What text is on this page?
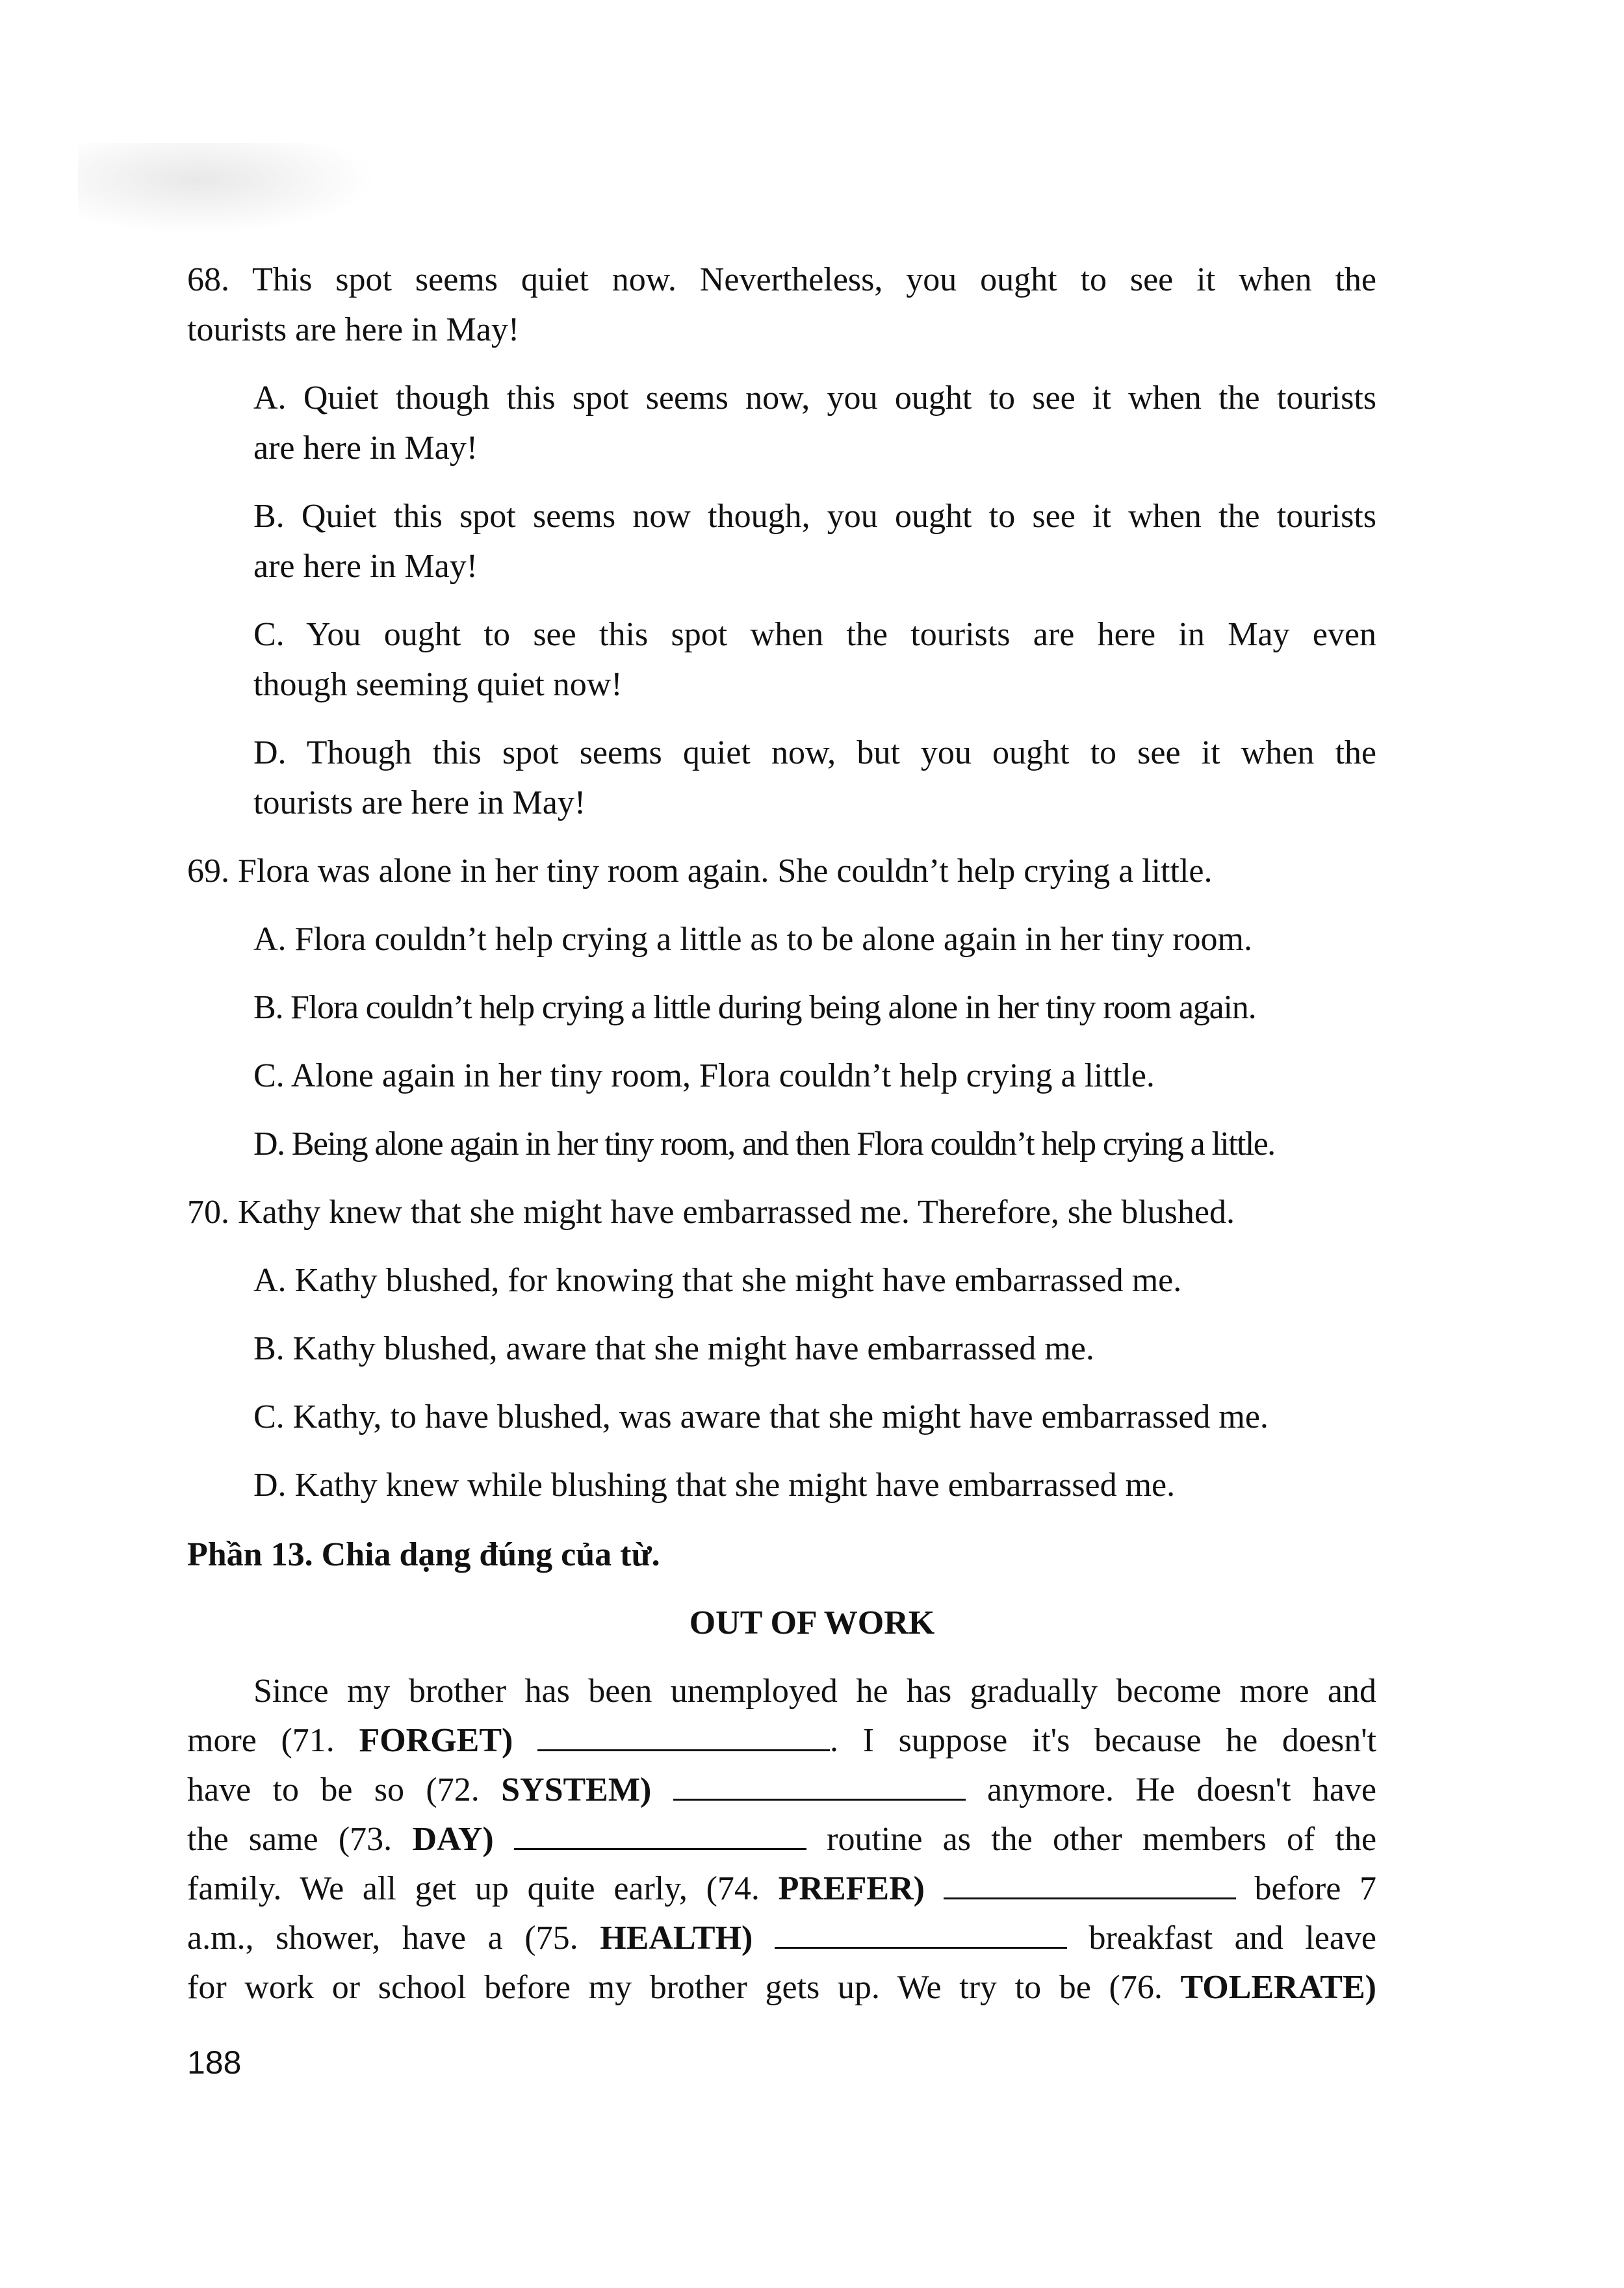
68. This spot seems quiet now. Nevertheless, you ought to see it when the

tourists are here in May!

A. Quiet though this spot seems now, you ought to see it when the tourists

are here in May!

B. Quiet this spot seems now though, you ought to see it when the tourists

are here in May!

C. You ought to see this spot when the tourists are here in May even

though seeming quiet now!

D. Though this spot seems quiet now, but you ought to see it when the

tourists are here in May!

69. Flora was alone in her tiny room again. She couldn’t help crying a little.

A. Flora couldn’t help crying a little as to be alone again in her tiny room.

B. Flora couldn’t help crying a little during being alone in her tiny room again.

C. Alone again in her tiny room, Flora couldn’t help crying a little.

D. Being alone again in her tiny room, and then Flora couldn’t help crying a little.

70. Kathy knew that she might have embarrassed me. Therefore, she blushed.

A. Kathy blushed, for knowing that she might have embarrassed me.

B. Kathy blushed, aware that she might have embarrassed me.

C. Kathy, to have blushed, was aware that she might have embarrassed me.

D. Kathy knew while blushing that she might have embarrassed me.

Phần 13. Chia dạng đúng của từ.

OUT OF WORK

Since my brother has been unemployed he has gradually become more and

more (71. FORGET)	. I suppose it's because he doesn't

have to be so (72. SYSTEM)	anymore. He doesn't have

the same (73. DAY)	routine as the other members of the

family. We all get up quite early, (74. PREFER)	before 7

a.m., shower, have a (75. HEALTH)	breakfast and leave

for work or school before my brother gets up. We try to be (76. TOLERATE)

188
